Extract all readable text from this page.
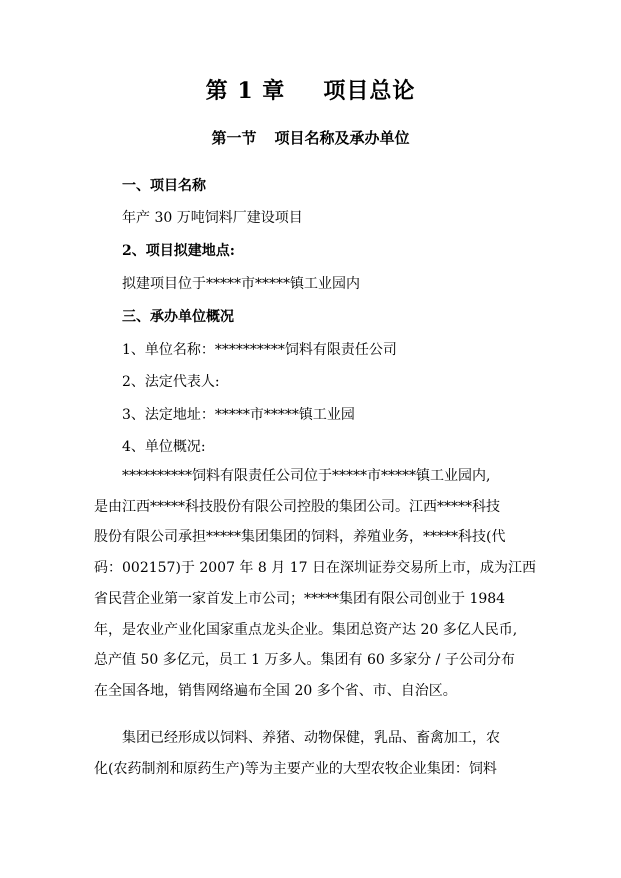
第 1 章 项目总论
第一节 项目名称及承办单位
一、项目名称
年产 30 万吨饲料厂建设项目
2、项目拟建地点:
拟建项目位于*****市*****镇工业园内
三、承办单位概况
1、单位名称：**********饲料有限责任公司
2、法定代表人:
3、法定地址：*****市*****镇工业园
4、单位概况:
**********饲料有限责任公司位于*****市*****镇工业园内,
是由江西*****科技股份有限公司控股的集团公司。江西*****科技
股份有限公司承担*****集团集团的饲料，养殖业务，*****科技(代
码：002157)于 2007 年 8 月 17 日在深圳证券交易所上市，成为江西
省民营企业第一家首发上市公司；*****集团有限公司创业于 1984
年，是农业产业化国家重点龙头企业。集团总资产达 20 多亿人民币,
总产值 50 多亿元，员工 1 万多人。集团有 60 多家分 / 子公司分布
在全国各地，销售网络遍布全国 20 多个省、市、自治区。
集团已经形成以饲料、养猪、动物保健，乳品、畜禽加工，农
化(农药制剂和原药生产)等为主要产业的大型农牧企业集团：饲料
